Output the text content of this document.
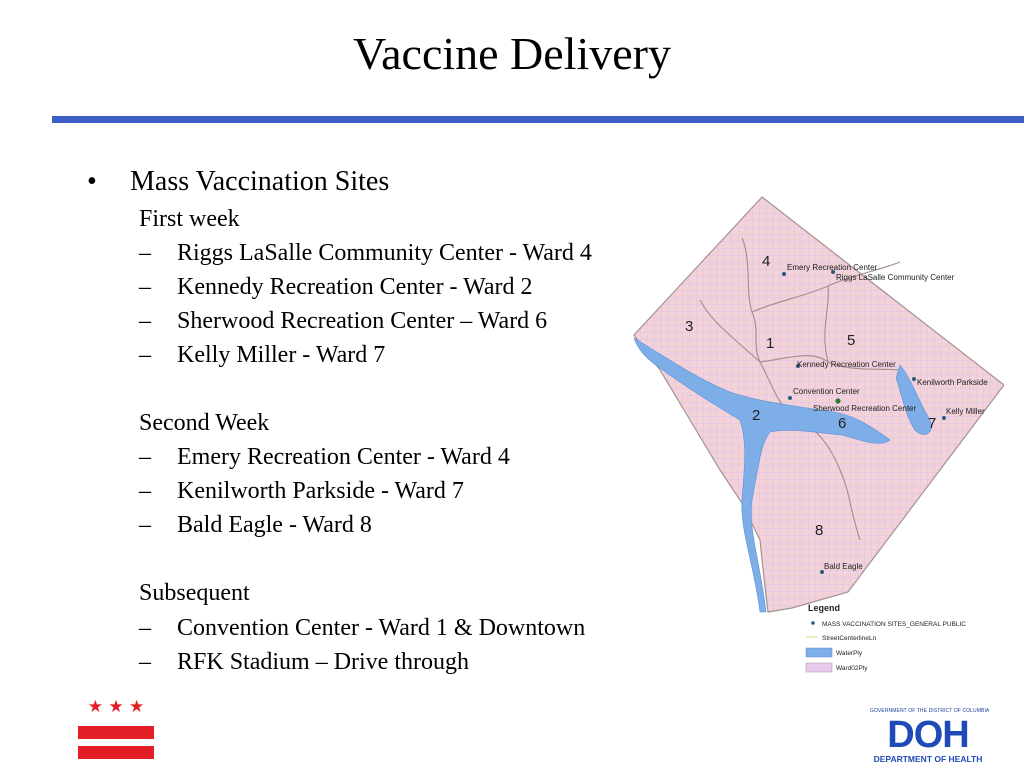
Vaccine Delivery
• Mass Vaccination Sites
First week
– Riggs LaSalle Community Center - Ward 4
– Kennedy Recreation Center - Ward 2
– Sherwood Recreation Center – Ward 6
– Kelly Miller - Ward 7
Second Week
– Emery Recreation Center - Ward 4
– Kenilworth Parkside - Ward 7
– Bald Eagle - Ward 8
Subsequent
– Convention Center - Ward 1 & Downtown
– RFK Stadium – Drive through
4
3
1	5
2	6	7
8
Emery Recreation Center
Riggs LaSalle Community Center
Kennedy Recreation Center
Convention Center
Sherwood Recreation Center
Kenilworth Parkside
Kelly Miller
Bald Eagle
Legend
MASS VACCINATION SITES_GENERAL PUBLIC
StreetCenterlineLn
WaterPly
Ward02Ply
★ ★ ★	GOVERNMENT OF THE DISTRICT OF COLUMBIA
DOH
DEPARTMENT OF HEALTH
